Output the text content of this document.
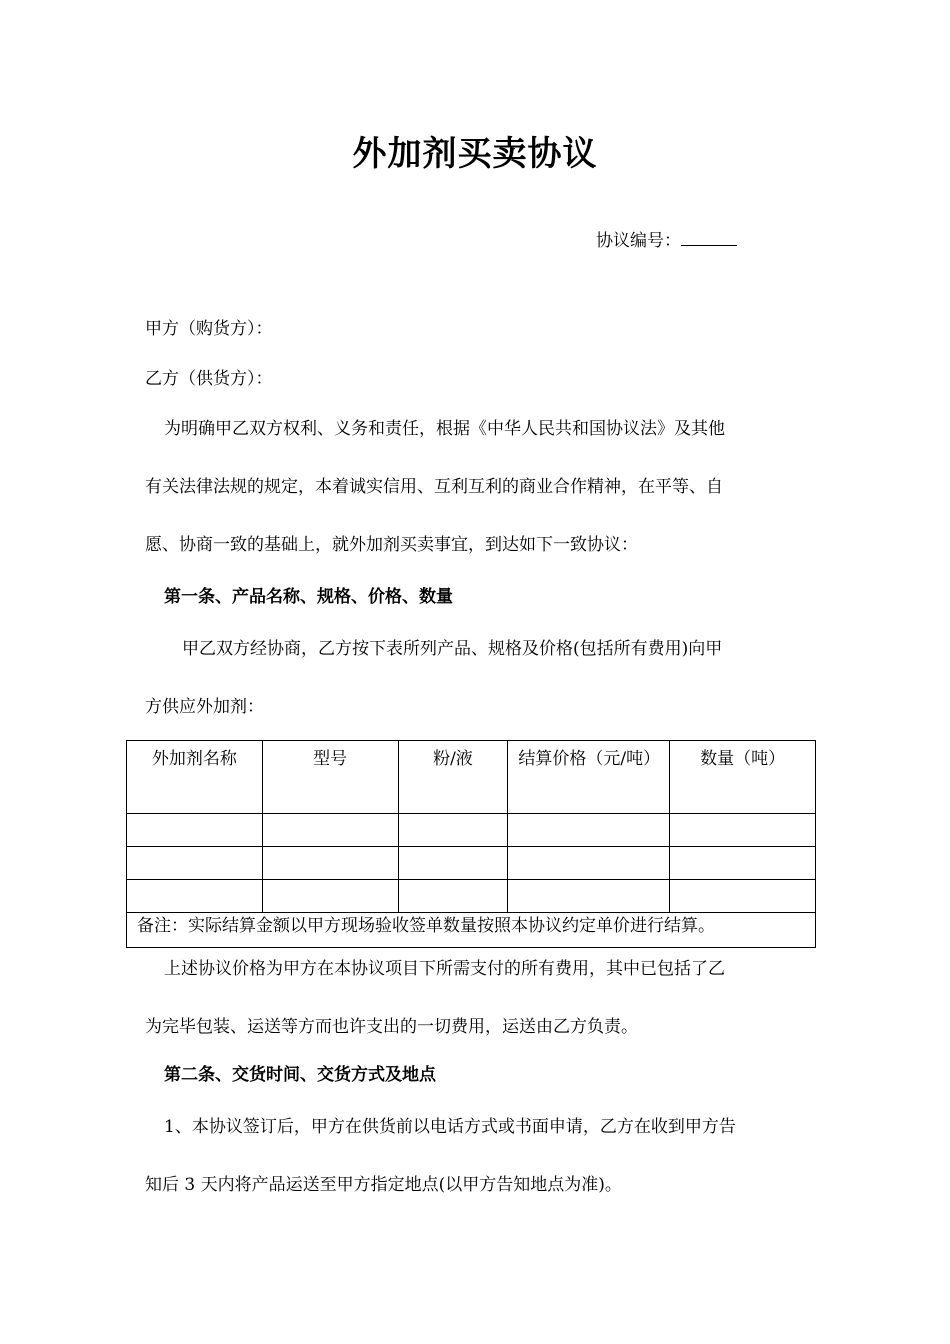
外加剂买卖协议
协议编号：
甲方（购货方）：
乙方（供货方）：
为明确甲乙双方权利、义务和责任，根据《中华人民共和国协议法》及其他
有关法律法规的规定，本着诚实信用、互利互利的商业合作精神，在平等、自
愿、协商一致的基础上，就外加剂买卖事宜，到达如下一致协议：
第一条、产品名称、规格、价格、数量
甲乙双方经协商，乙方按下表所列产品、规格及价格(包括所有费用)向甲
方供应外加剂：
外加剂名称	型号	粉/液	结算价格（元/吨）	数量（吨）

备注：实际结算金额以甲方现场验收签单数量按照本协议约定单价进行结算。				
上述协议价格为甲方在本协议项目下所需支付的所有费用，其中已包括了乙
为完毕包装、运送等方而也许支出的一切费用，运送由乙方负责。
第二条、交货时间、交货方式及地点
1、本协议签订后，甲方在供货前以电话方式或书面申请，乙方在收到甲方告
知后 3 天内将产品运送至甲方指定地点(以甲方告知地点为准)。
